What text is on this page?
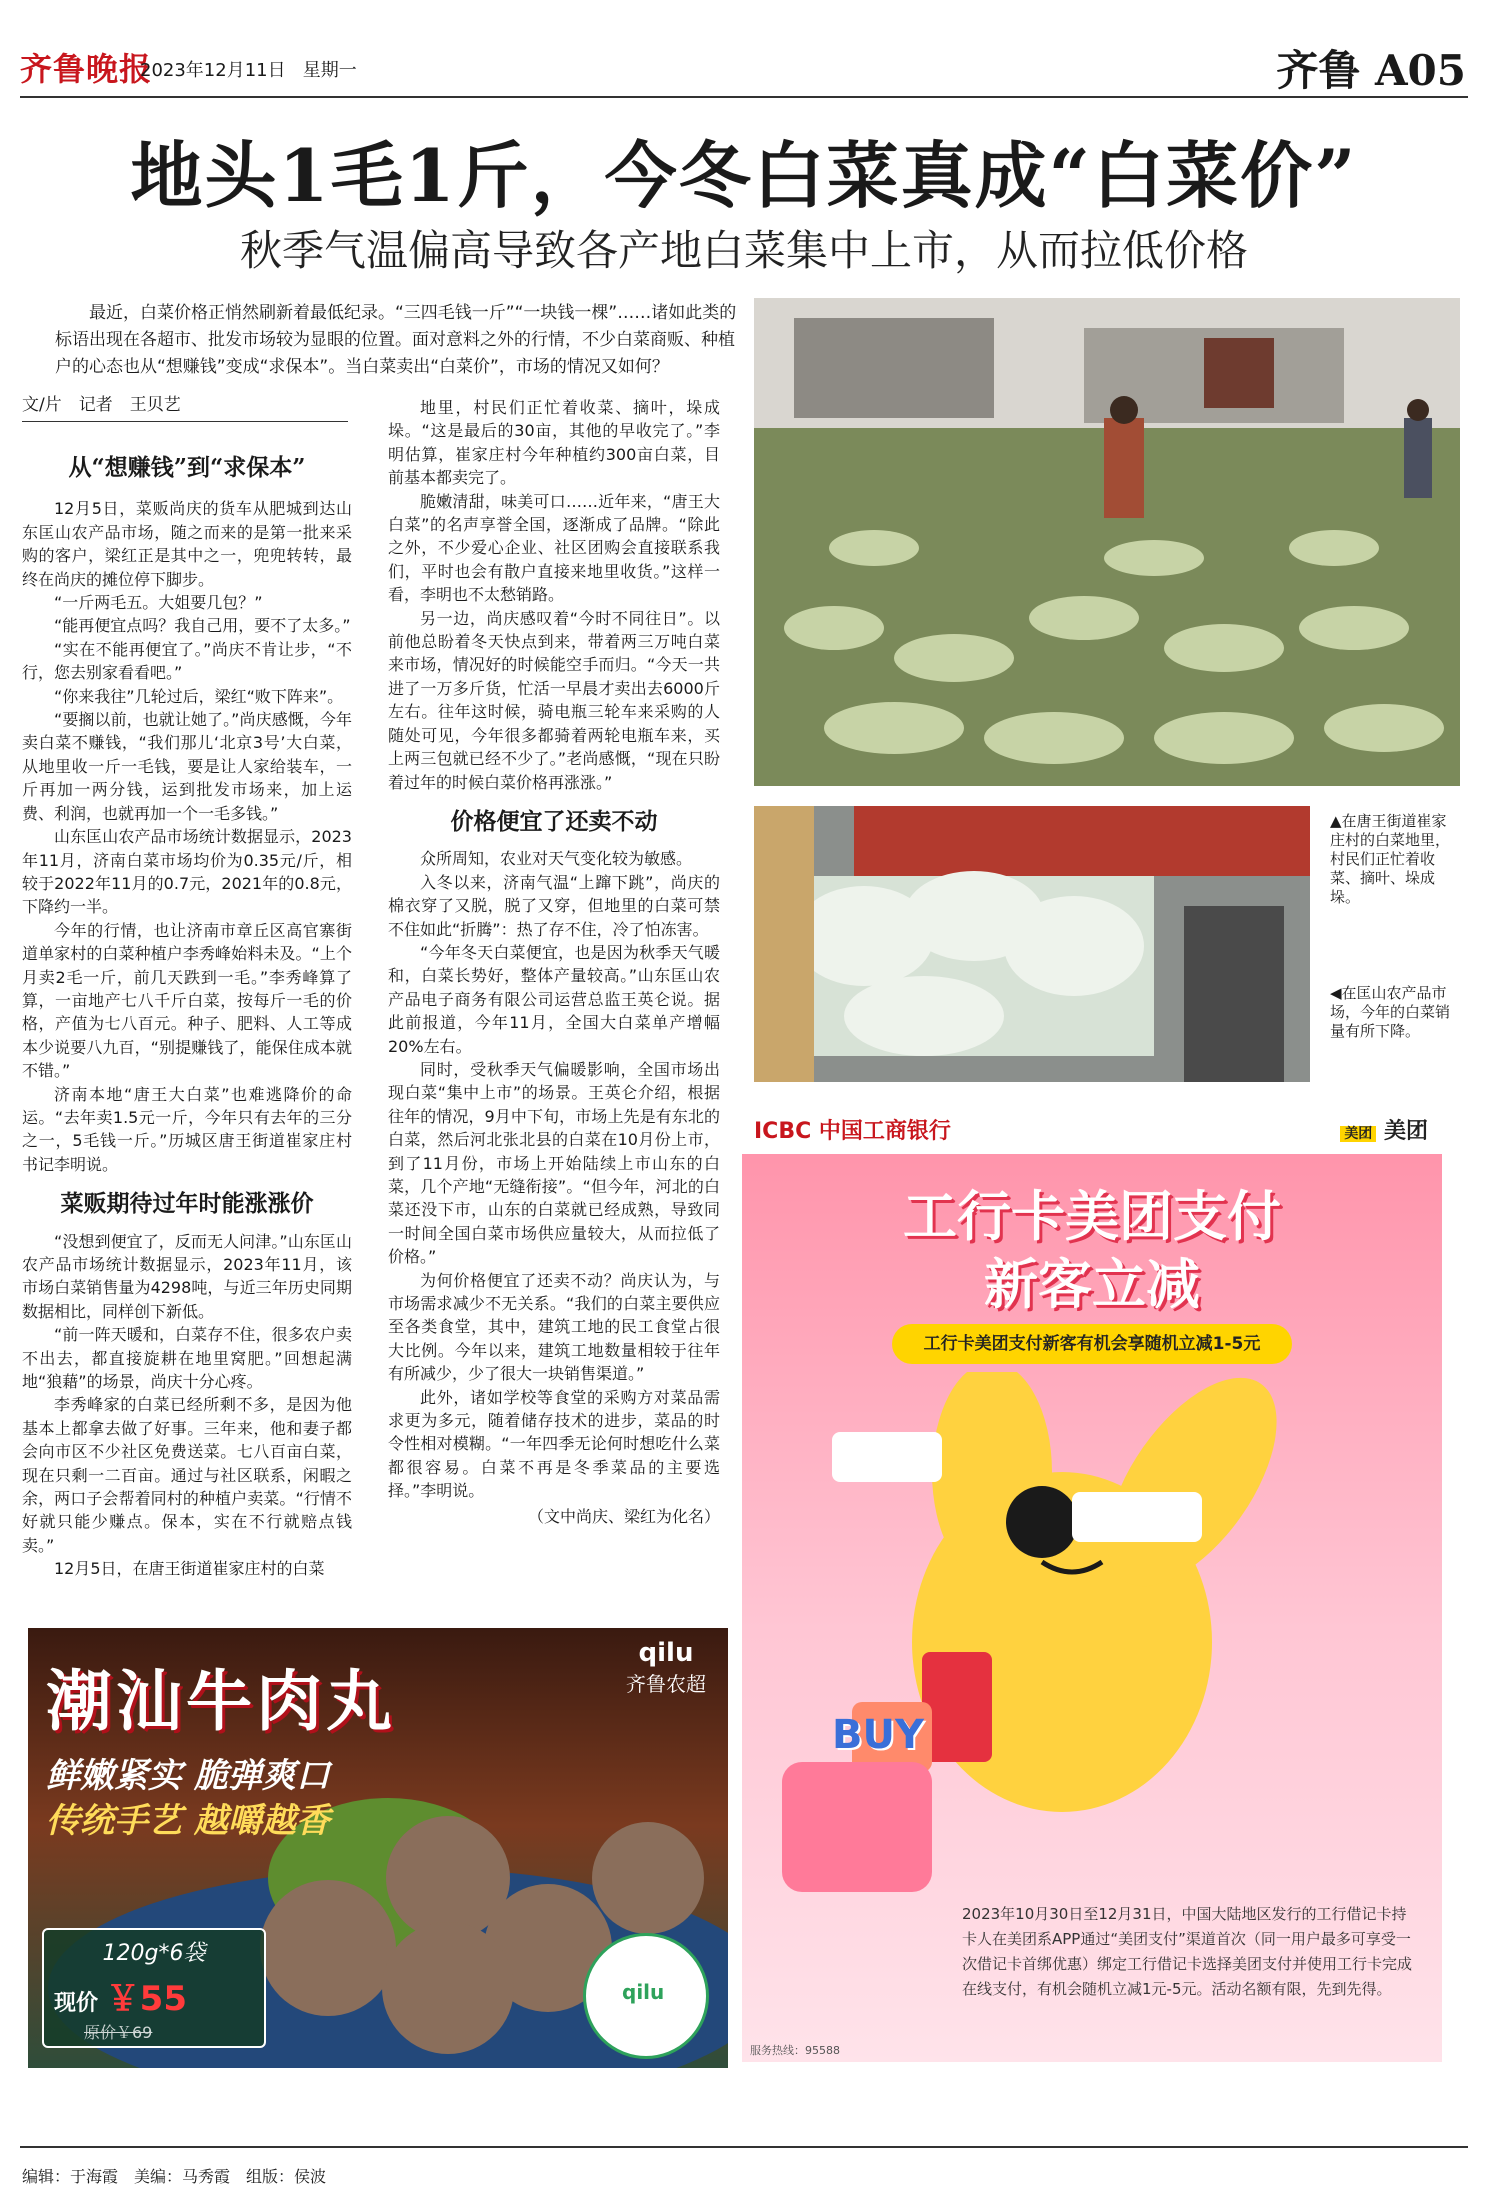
齐鲁晚报
2023年12月11日 星期一	齐鲁 A05
地头1毛1斤，今冬白菜真成“白菜价”
秋季气温偏高导致各产地白菜集中上市，从而拉低价格
最近，白菜价格正悄然刷新着最低纪录。“三四毛钱一斤”“一块钱一棵”……诸如此类的标语出现在各超市、批发市场较为显眼的位置。面对意料之外的行情，不少白菜商贩、种植户的心态也从“想赚钱”变成“求保本”。当白菜卖出“白菜价”，市场的情况又如何？
文/片　记者　王贝艺
从“想赚钱”到“求保本”

12月5日，菜贩尚庆的货车从肥城到达山东匡山农产品市场，随之而来的是第一批来采购的客户，梁红正是其中之一，兜兜转转，最终在尚庆的摊位停下脚步。

“一斤两毛五。大姐要几包？”

“能再便宜点吗？我自己用，要不了太多。”

“实在不能再便宜了。”尚庆不肯让步，“不行，您去别家看看吧。”

“你来我往”几轮过后，梁红“败下阵来”。

“要搁以前，也就让她了。”尚庆感慨，今年卖白菜不赚钱，“我们那儿‘北京3号’大白菜，从地里收一斤一毛钱，要是让人家给装车，一斤再加一两分钱，运到批发市场来，加上运费、利润，也就再加一个一毛多钱。”

山东匡山农产品市场统计数据显示，2023年11月，济南白菜市场均价为0.35元/斤，相较于2022年11月的0.7元，2021年的0.8元，下降约一半。

今年的行情，也让济南市章丘区高官寨街道单家村的白菜种植户李秀峰始料未及。“上个月卖2毛一斤，前几天跌到一毛。”李秀峰算了算，一亩地产七八千斤白菜，按每斤一毛的价格，产值为七八百元。种子、肥料、人工等成本少说要八九百，“别提赚钱了，能保住成本就不错。”

济南本地“唐王大白菜”也难逃降价的命运。“去年卖1.5元一斤，今年只有去年的三分之一，5毛钱一斤。”历城区唐王街道崔家庄村书记李明说。

菜贩期待过年时能涨涨价

“没想到便宜了，反而无人问津。”山东匡山农产品市场统计数据显示，2023年11月，该市场白菜销售量为4298吨，与近三年历史同期数据相比，同样创下新低。

“前一阵天暖和，白菜存不住，很多农户卖不出去，都直接旋耕在地里窝肥。”回想起满地“狼藉”的场景，尚庆十分心疼。

李秀峰家的白菜已经所剩不多，是因为他基本上都拿去做了好事。三年来，他和妻子都会向市区不少社区免费送菜。七八百亩白菜，现在只剩一二百亩。通过与社区联系，闲暇之余，两口子会帮着同村的种植户卖菜。“行情不好就只能少赚点。保本，实在不行就赔点钱卖。”

12月5日，在唐王街道崔家庄村的白菜

地里，村民们正忙着收菜、摘叶，垛成垛。“这是最后的30亩，其他的早收完了。”李明估算，崔家庄村今年种植约300亩白菜，目前基本都卖完了。

脆嫩清甜，味美可口……近年来，“唐王大白菜”的名声享誉全国，逐渐成了品牌。“除此之外，不少爱心企业、社区团购会直接联系我们，平时也会有散户直接来地里收货。”这样一看，李明也不太愁销路。

另一边，尚庆感叹着“今时不同往日”。以前他总盼着冬天快点到来，带着两三万吨白菜来市场，情况好的时候能空手而归。“今天一共进了一万多斤货，忙活一早晨才卖出去6000斤左右。往年这时候，骑电瓶三轮车来采购的人随处可见，今年很多都骑着两轮电瓶车来，买上两三包就已经不少了。”老尚感慨，“现在只盼着过年的时候白菜价格再涨涨。”

价格便宜了还卖不动

众所周知，农业对天气变化较为敏感。

入冬以来，济南气温“上蹿下跳”，尚庆的棉衣穿了又脱，脱了又穿，但地里的白菜可禁不住如此“折腾”：热了存不住，冷了怕冻害。

“今年冬天白菜便宜，也是因为秋季天气暖和，白菜长势好，整体产量较高。”山东匡山农产品电子商务有限公司运营总监王英仑说。据此前报道，今年11月，全国大白菜单产增幅20%左右。

同时，受秋季天气偏暖影响，全国市场出现白菜“集中上市”的场景。王英仑介绍，根据往年的情况，9月中下旬，市场上先是有东北的白菜，然后河北张北县的白菜在10月份上市，到了11月份，市场上开始陆续上市山东的白菜，几个产地“无缝衔接”。“但今年，河北的白菜还没下市，山东的白菜就已经成熟，导致同一时间全国白菜市场供应量较大，从而拉低了价格。”

为何价格便宜了还卖不动？尚庆认为，与市场需求减少不无关系。“我们的白菜主要供应至各类食堂，其中，建筑工地的民工食堂占很大比例。今年以来，建筑工地数量相较于往年有所减少，少了很大一块销售渠道。”

此外，诸如学校等食堂的采购方对菜品需求更为多元，随着储存技术的进步，菜品的时令性相对模糊。“一年四季无论何时想吃什么菜都很容易。白菜不再是冬季菜品的主要选择。”李明说。

（文中尚庆、梁红为化名）
▲在唐王街道崔家庄村的白菜地里，村民们正忙着收菜、摘叶、垛成垛。
◀在匡山农产品市场，今年的白菜销量有所下降。
潮汕牛肉丸
鲜嫩紧实 脆弹爽口
传统手艺 越嚼越香
qilu
齐鲁农超
120g*6袋
现价 ￥55
原价￥69
qilu
ICBC 中国工商银行	美团 美团
工行卡美团支付
新客立减
工行卡美团支付新客有机会享随机立减1-5元
BUY
2023年10月30日至12月31日，中国大陆地区发行的工行借记卡持卡人在美团系APP通过“美团支付”渠道首次（同一用户最多可享受一次借记卡首绑优惠）绑定工行借记卡选择美团支付并使用工行卡完成在线支付，有机会随机立减1元-5元。活动名额有限，先到先得。
服务热线：95588
编辑：于海霞　美编：马秀霞　组版：侯波
